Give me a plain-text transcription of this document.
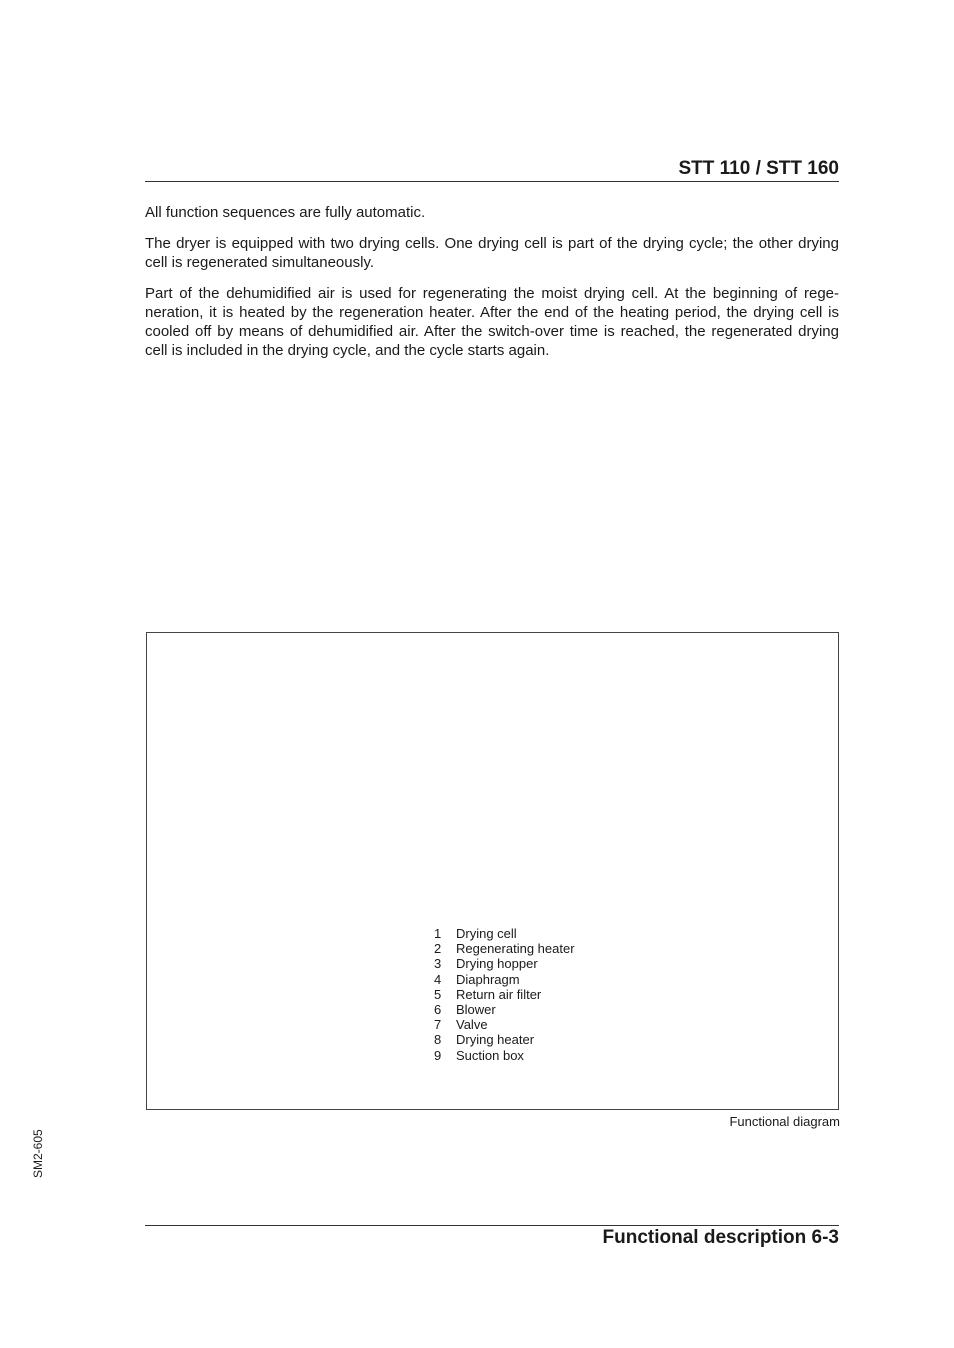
STT 110 / STT 160

All function sequences are fully automatic.

The dryer is equipped with two drying cells. One drying cell is part of the drying cycle; the other drying cell is regenerated simultaneously.

Part of the dehumidified air is used for regenerating the moist drying cell. At the beginning of regeneration, it is heated by the regeneration heater. After the end of the heating period, the drying cell is cooled off by means of dehumidified air. After the switch-over time is reached, the regenerated drying cell is included in the drying cycle, and the cycle starts again.

1	Drying cell
2	Regenerating heater
3	Drying hopper
4	Diaphragm
5	Return air filter
6	Blower
7	Valve
8	Drying heater
9	Suction box
Functional diagram
SM2-605
Functional description 6-3
